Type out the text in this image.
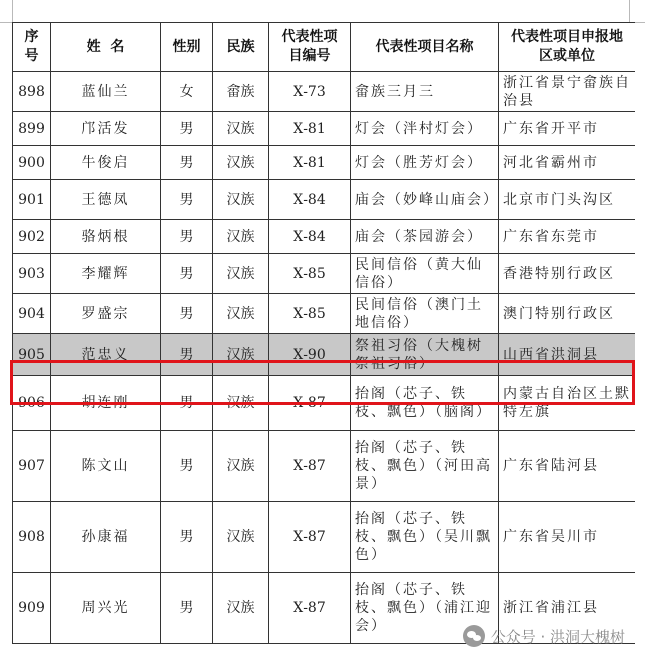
序号	姓  名	性别	民族	代表性项目编号	代表性项目名称	代表性项目申报地区或单位
898	蓝仙兰	女	畲族	Ⅹ-73	畲族三月三	浙江省景宁畲族自治县
899	邝活发	男	汉族	Ⅹ-81	灯会（泮村灯会）	广东省开平市
900	牛俊启	男	汉族	Ⅹ-81	灯会（胜芳灯会）	河北省霸州市
901	王德凤	男	汉族	Ⅹ-84	庙会（妙峰山庙会）	北京市门头沟区
902	骆炳根	男	汉族	Ⅹ-84	庙会（茶园游会）	广东省东莞市
903	李耀辉	男	汉族	Ⅹ-85	民间信俗（黄大仙信俗）	香港特别行政区
904	罗盛宗	男	汉族	Ⅹ-85	民间信俗（澳门土地信俗）	澳门特别行政区
905	范忠义	男	汉族	Ⅹ-90	祭祖习俗（大槐树祭祖习俗）	山西省洪洞县
906	胡连刚	男	汉族	Ⅹ-87	抬阁（芯子、铁枝、飘色）（脑阁）	内蒙古自治区土默特左旗
907	陈文山	男	汉族	Ⅹ-87	抬阁（芯子、铁枝、飘色）（河田高景）	广东省陆河县
908	孙康福	男	汉族	Ⅹ-87	抬阁（芯子、铁枝、飘色）（吴川飘色）	广东省吴川市
909	周兴光	男	汉族	Ⅹ-87	抬阁（芯子、铁枝、飘色）（浦江迎会）	浙江省浦江县
公众号 · 洪洞大槐树
